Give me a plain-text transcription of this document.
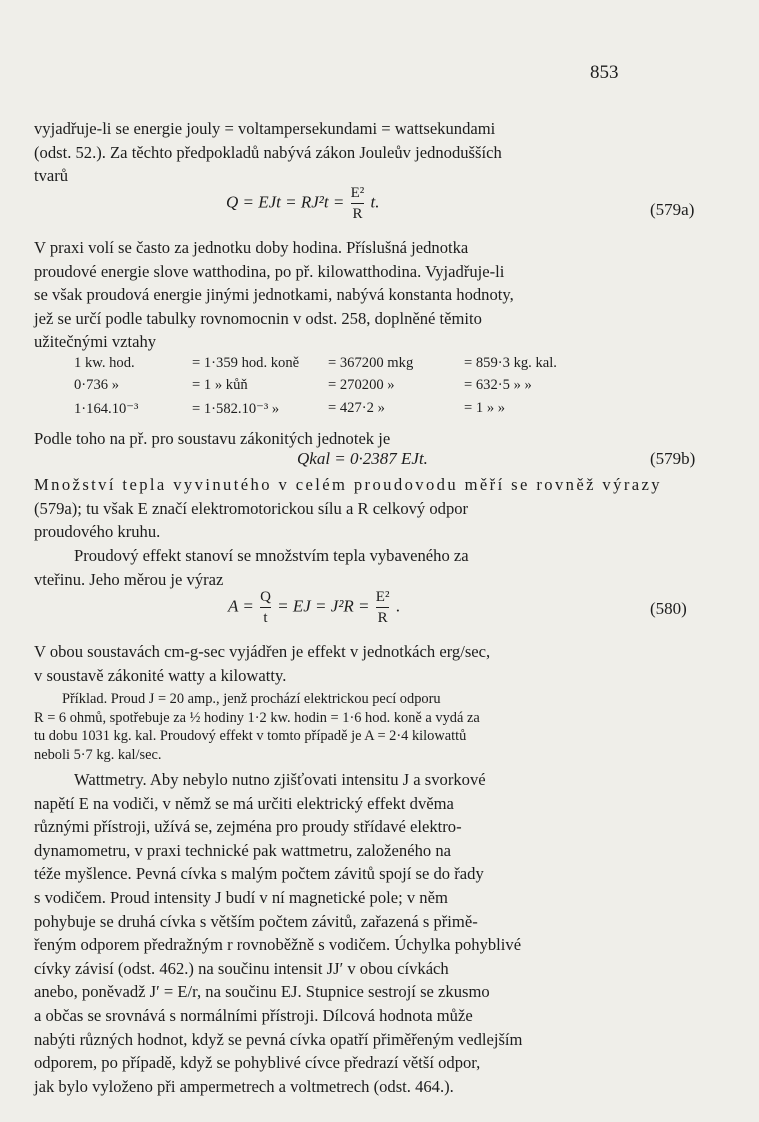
853
vyjadřuje-li se energie joulу = voltampersekundami = wattsekundami
(odst. 52.). Za těchto předpokladů nabývá zákon Jouleův jednodušších
tvarů
Q = EJt = $RJ^2t = \frac{\text{E²}}{R} t$.	(579a)
V praxi volí se často za jednotku doby hodina. Příslušná jednotka
proudové energie slove watthodina, po př. kilowatthodina. Vyjadřuje-li
se však proudová energie jinými jednotkami, nabývá konstanta hodnoty,
jež se určí podle tabulky rovnomocnin v odst. 258, doplněné těmito
užitečnými vztahy
1 kw. hod.	= 1·359 hod. koně = 367200 mkg	= 859·3 kg. kal.
0·736 »	= 1 » kůň	= 270200 »	= 632·5 » »
1·164.10⁻³	= 1·582.10⁻³ »	= 427·2 »	= 1 » »
Podle toho na př. pro soustavu zákonitých jednotek je
Qkal = 0·2387 EJt.	(579b)
Množství tepla vyvinutého v celém proudovodu měří se rovněž výrazy
(579a); tu však E značí elektromotorickou sílu a R celkový odpor
proudového kruhu.
Proudový effekt stanoví se množstvím tepla vybaveného za
vteřinu. Jeho měrou je výraz
$A = \frac{Q}{t}$ = EJ = $J^2R = \frac{\text{E²}}{R}$ .	(580)
V obou soustavách cm-g-sec vyjádřen je effekt v jednotkách erg/sec,
v soustavě zákonité watty a kilowatty.
Příklad. Proud J = 20 amp., jenž prochází elektrickou pecí odporu
R = 6 ohmů, spotřebuje za ½ hodiny 1·2 kw. hodin = 1·6 hod. koně a vydá za
tu dobu 1031 kg. kal. Proudový effekt v tomto případě je A = 2·4 kilowattů
neboli 5·7 kg. kal/sec.
Wattmetry. Aby nebylo nutno zjišťovati intensitu J a svorkové
napětí E na vodiči, v němž se má určiti elektrický effekt dvěma
různými přístroji, užívá se, zejména pro proudy střídavé elektro-
dynamometru, v praxi technické pak wattmetru, založeného na
téže myšlence. Pevná cívka s malým počtem závitů spojí se do řady
s vodičem. Proud intensity J budí v ní magnetické pole; v něm
pohybuje se druhá cívka s větším počtem závitů, zařazená s přimě-
řeným odporem předražným r rovnoběžně s vodičem. Úchylka pohyblivé
cívky závisí (odst. 462.) na součinu intensit JJ′ v obou cívkách
anebo, poněvadž J′ = E/r, na součinu EJ. Stupnice sestrojí se zkusmo
a občas se srovnává s normálními přístroji. Dílcová hodnota může
nabýti různých hodnot, když se pevná cívka opatří přiměřeným vedlejším
odporem, po případě, když se pohyblivé cívce předrazí větší odpor,
jak bylo vyloženo při ampermetrech a voltmetrech (odst. 464.).
